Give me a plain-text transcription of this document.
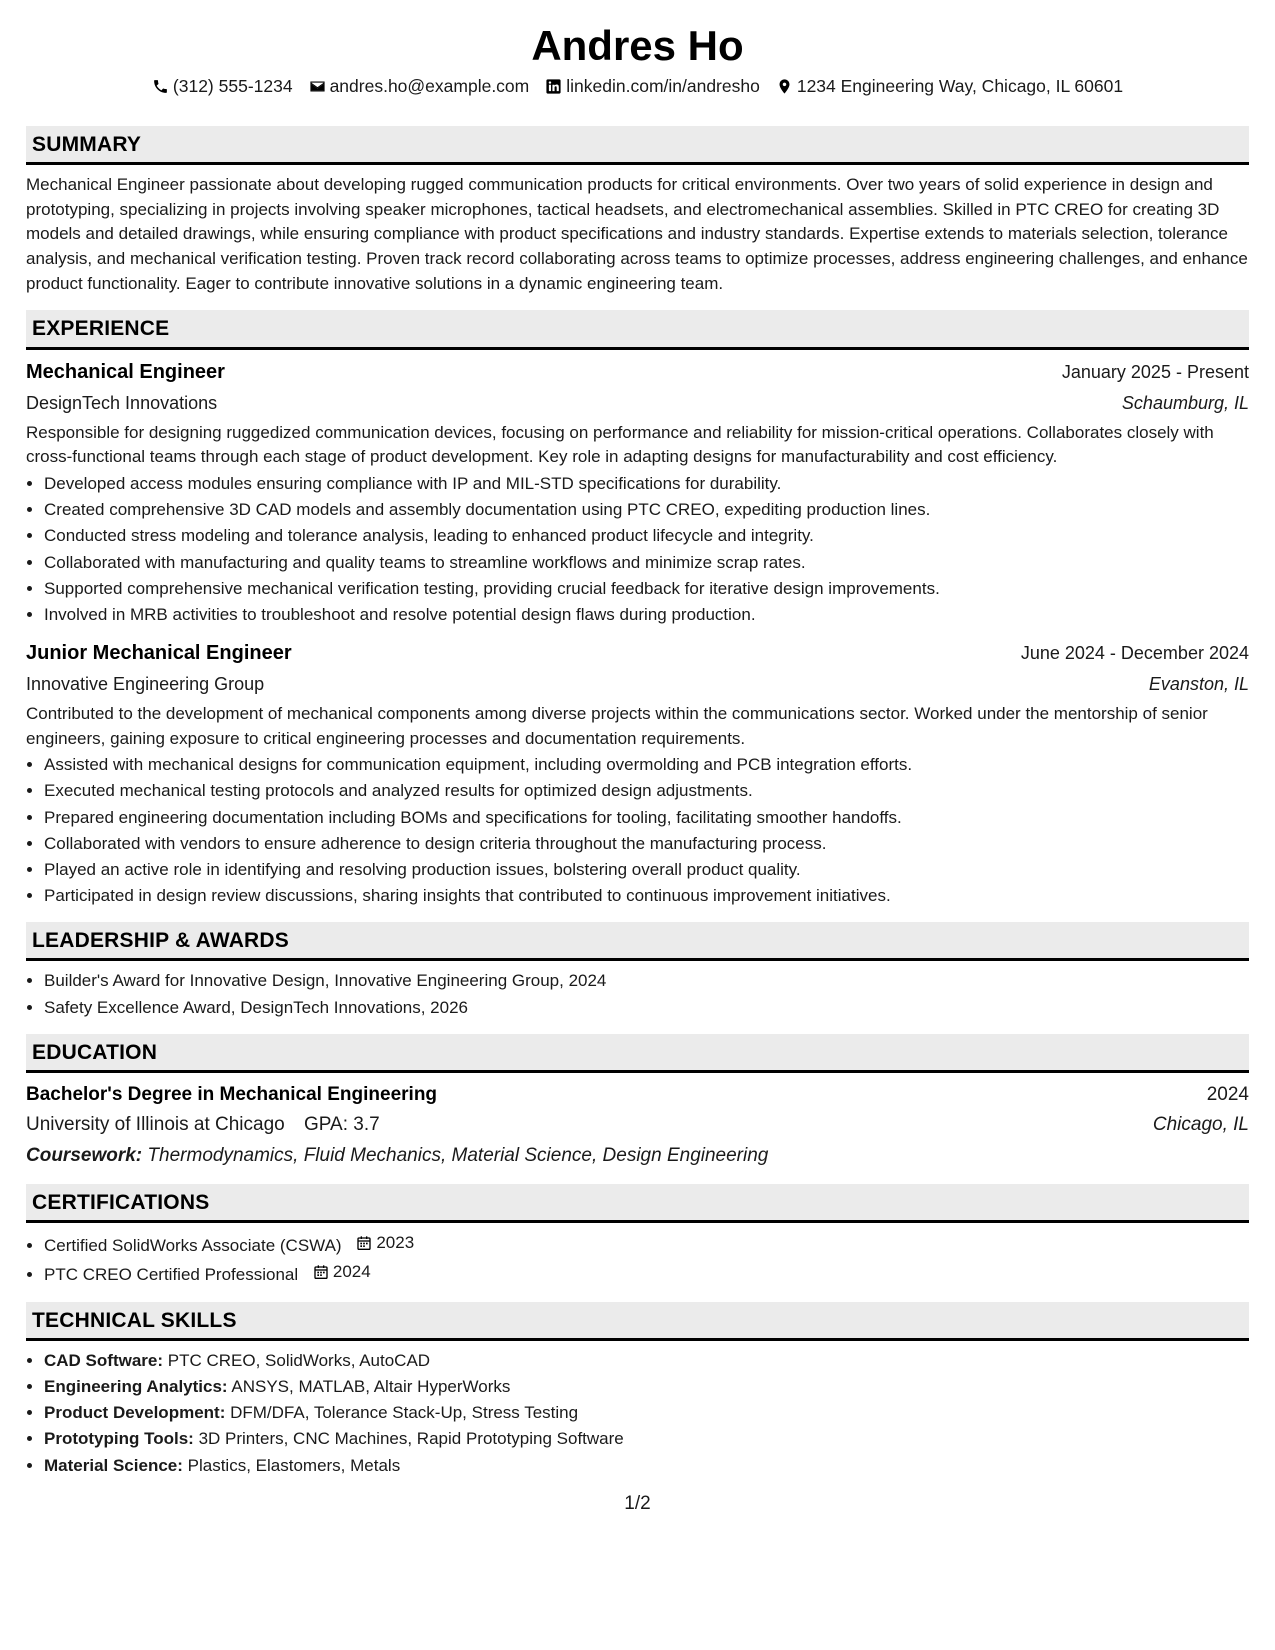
Andres Ho
(312) 555-1234 andres.ho@example.com linkedin.com/in/andresho 1234 Engineering Way, Chicago, IL 60601
SUMMARY

Mechanical Engineer passionate about developing rugged communication products for critical environments. Over two years of solid experience in design and prototyping, specializing in projects involving speaker microphones, tactical headsets, and electromechanical assemblies. Skilled in PTC CREO for creating 3D models and detailed drawings, while ensuring compliance with product specifications and industry standards. Expertise extends to materials selection, tolerance analysis, and mechanical verification testing. Proven track record collaborating across teams to optimize processes, address engineering challenges, and enhance product functionality. Eager to contribute innovative solutions in a dynamic engineering team.

EXPERIENCE
Mechanical Engineer	January 2025 - Present
DesignTech Innovations	Schaumburg, IL

Responsible for designing ruggedized communication devices, focusing on performance and reliability for mission-critical operations. Collaborates closely with cross-functional teams through each stage of product development. Key role in adapting designs for manufacturability and cost efficiency.

• Developed access modules ensuring compliance with IP and MIL-STD specifications for durability.
• Created comprehensive 3D CAD models and assembly documentation using PTC CREO, expediting production lines.
• Conducted stress modeling and tolerance analysis, leading to enhanced product lifecycle and integrity.
• Collaborated with manufacturing and quality teams to streamline workflows and minimize scrap rates.
• Supported comprehensive mechanical verification testing, providing crucial feedback for iterative design improvements.
• Involved in MRB activities to troubleshoot and resolve potential design flaws during production.
Junior Mechanical Engineer	June 2024 - December 2024
Innovative Engineering Group	Evanston, IL

Contributed to the development of mechanical components among diverse projects within the communications sector. Worked under the mentorship of senior engineers, gaining exposure to critical engineering processes and documentation requirements.

• Assisted with mechanical designs for communication equipment, including overmolding and PCB integration efforts.
• Executed mechanical testing protocols and analyzed results for optimized design adjustments.
• Prepared engineering documentation including BOMs and specifications for tooling, facilitating smoother handoffs.
• Collaborated with vendors to ensure adherence to design criteria throughout the manufacturing process.
• Played an active role in identifying and resolving production issues, bolstering overall product quality.
• Participated in design review discussions, sharing insights that contributed to continuous improvement initiatives.
LEADERSHIP & AWARDS
• Builder's Award for Innovative Design, Innovative Engineering Group, 2024
• Safety Excellence Award, DesignTech Innovations, 2026
EDUCATION
Bachelor's Degree in Mechanical Engineering	2024
University of Illinois at Chicago GPA: 3.7	Chicago, IL
Coursework: Thermodynamics, Fluid Mechanics, Material Science, Design Engineering
CERTIFICATIONS
• Certified SolidWorks Associate (CSWA) 2023
• PTC CREO Certified Professional 2024
TECHNICAL SKILLS
• CAD Software: PTC CREO, SolidWorks, AutoCAD
• Engineering Analytics: ANSYS, MATLAB, Altair HyperWorks
• Product Development: DFM/DFA, Tolerance Stack-Up, Stress Testing
• Prototyping Tools: 3D Printers, CNC Machines, Rapid Prototyping Software
• Material Science: Plastics, Elastomers, Metals
1/2
